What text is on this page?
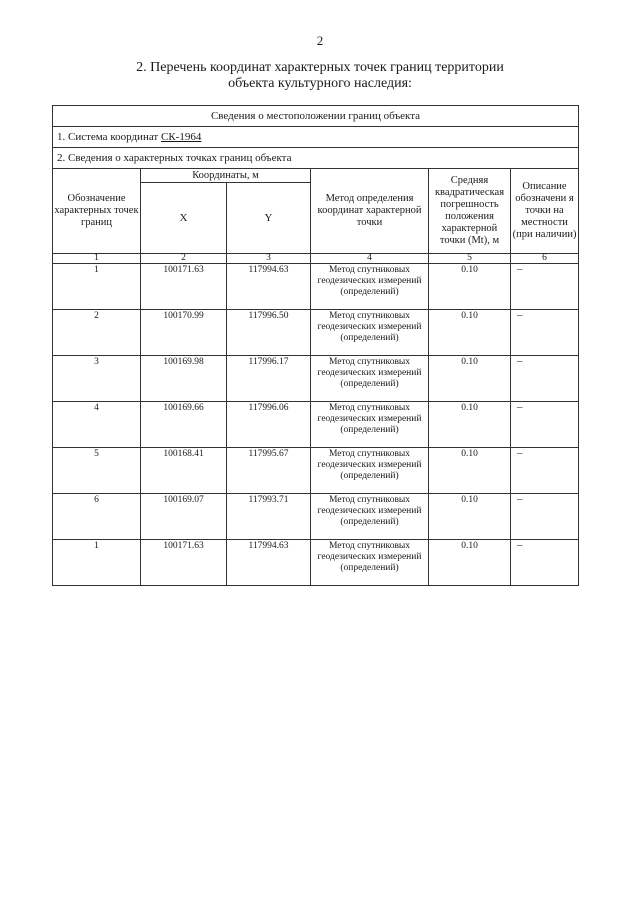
2
2. Перечень координат характерных точек границ территории
объекта культурного наследия:
Сведения о местоположении границ объекта					
1. Система координат СК-1964					
2. Сведения о характерных точках границ объекта					
Обозначение характерных точек границ	Координаты, м		Метод определения координат характерной точки	Средняя квадратическая погрешность положения характерной точки (Mt), м	Описание обозначени я точки на местности (при наличии)
	X	Y			
1	2	3	4	5	6
1	100171.63	117994.63	Метод спутниковых геодезических измерений (определений)	0.10	–
2	100170.99	117996.50	Метод спутниковых геодезических измерений (определений)	0.10	–
3	100169.98	117996.17	Метод спутниковых геодезических измерений (определений)	0.10	–
4	100169.66	117996.06	Метод спутниковых геодезических измерений (определений)	0.10	–
5	100168.41	117995.67	Метод спутниковых геодезических измерений (определений)	0.10	–
6	100169.07	117993.71	Метод спутниковых геодезических измерений (определений)	0.10	–
1	100171.63	117994.63	Метод спутниковых геодезических измерений (определений)	0.10	–
